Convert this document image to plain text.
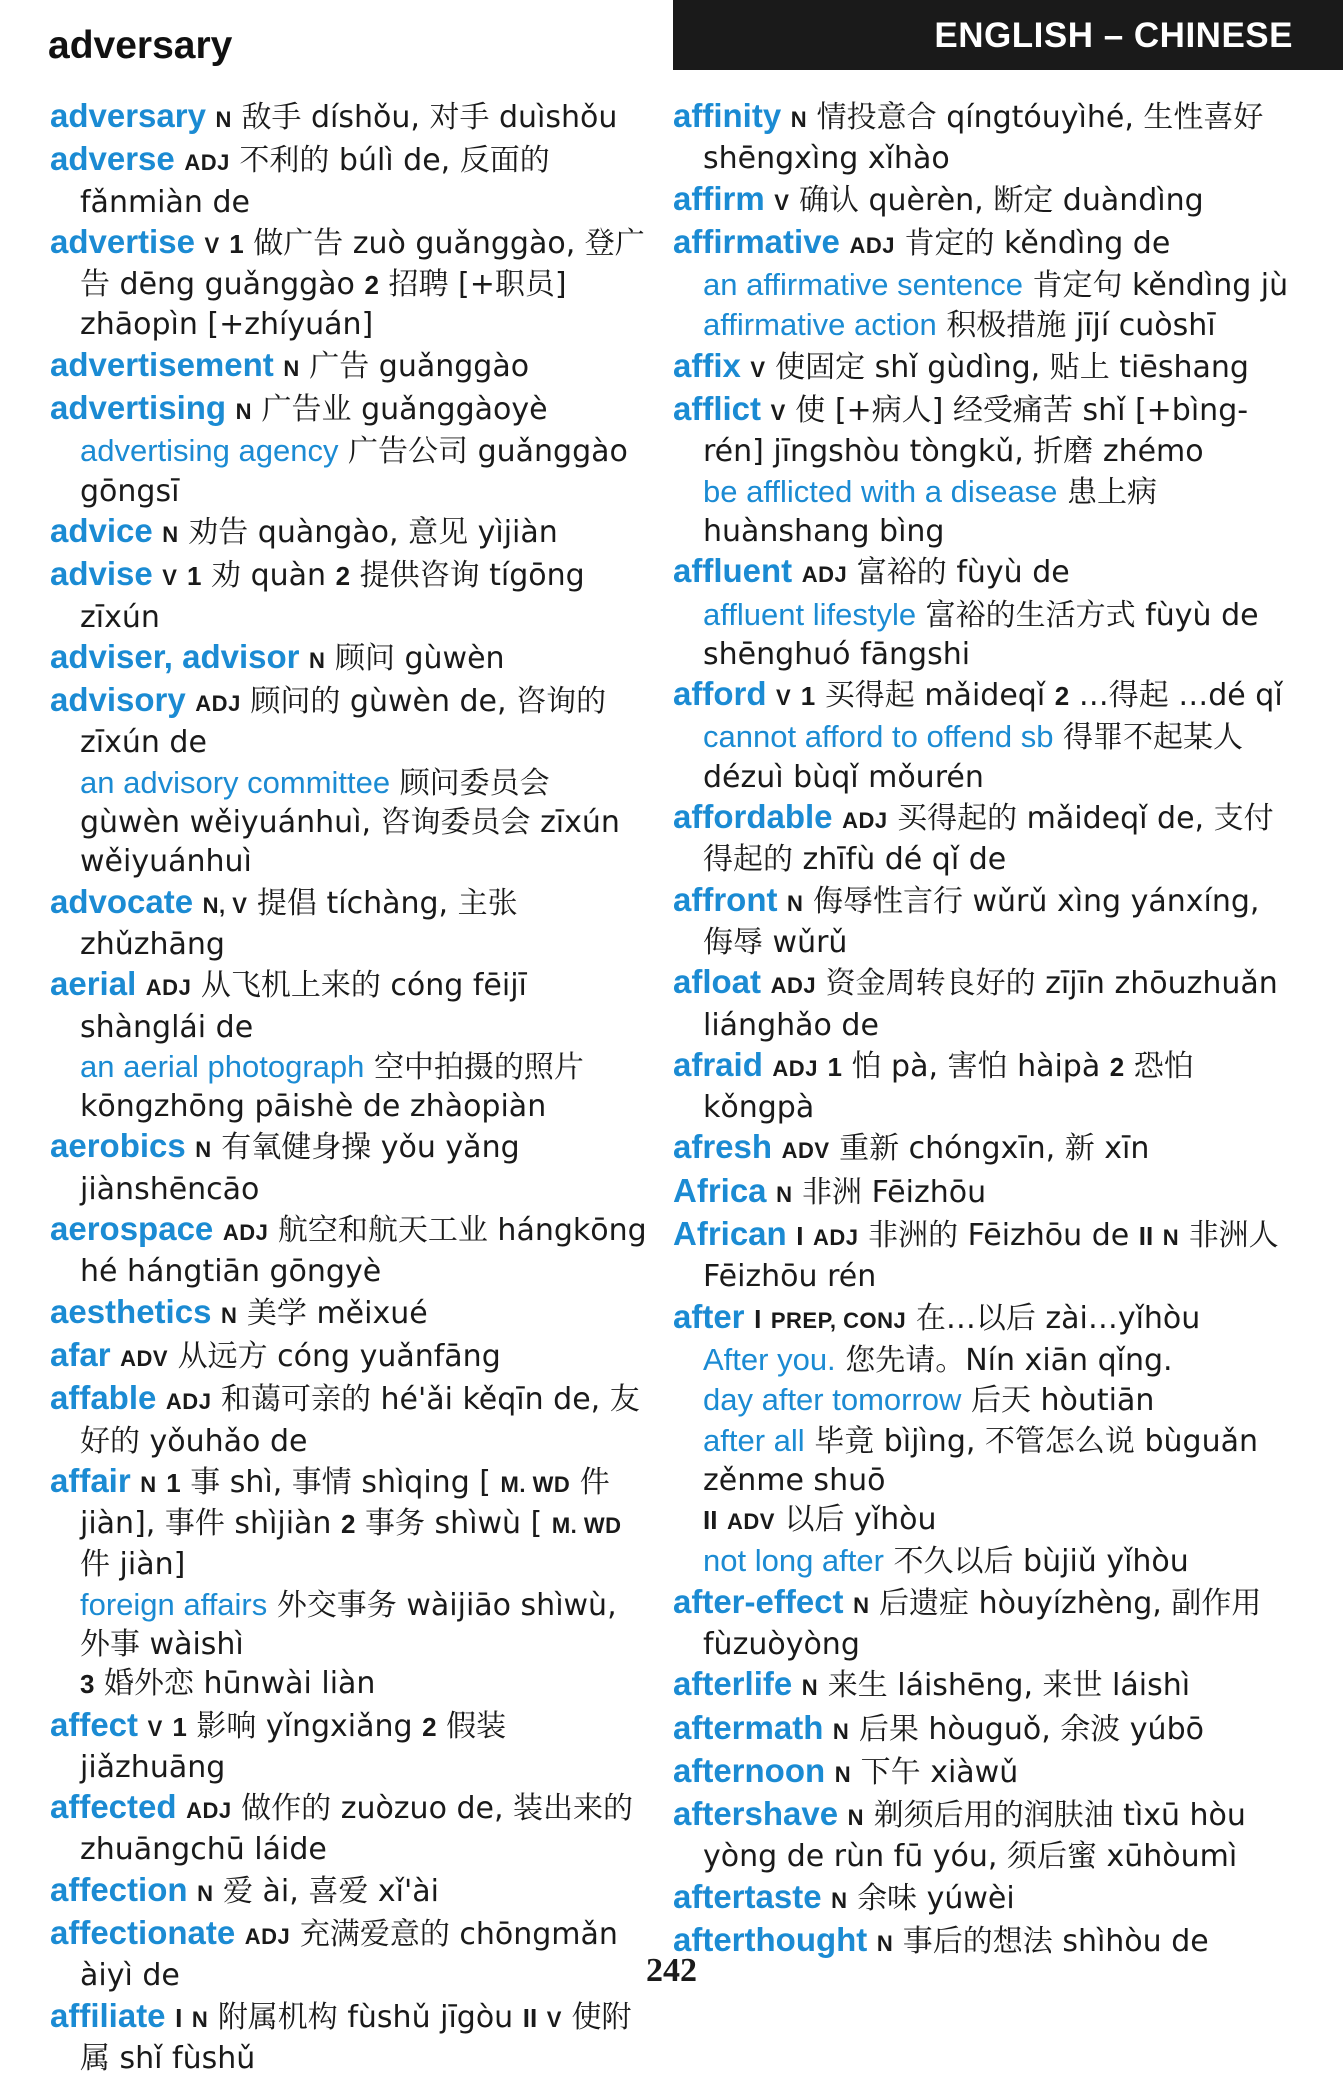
adversary	ENGLISH – CHINESE
adversary N 敌手 díshǒu, 对手 duìshǒu
adverse ADJ 不利的 búlì de, 反面的 fǎnmiàn de
advertise V 1 做广告 zuò guǎnggào, 登广告 dēng guǎnggào 2 招聘 [+职员] zhāopìn [+zhíyuán]
advertisement N 广告 guǎnggào
advertising N 广告业 guǎnggàoyè
advertising agency 广告公司 guǎnggào gōngsī
advice N 劝告 quàngào, 意见 yìjiàn
advise V 1 劝 quàn 2 提供咨询 tígōng zīxún
adviser, advisor N 顾问 gùwèn
advisory ADJ 顾问的 gùwèn de, 咨询的 zīxún de
an advisory committee 顾问委员会 gùwèn wěiyuánhuì, 咨询委员会 zīxún wěiyuánhuì
advocate N, V 提倡 tíchàng, 主张 zhǔzhāng
aerial ADJ 从飞机上来的 cóng fēijī shànglái de
an aerial photograph 空中拍摄的照片 kōngzhōng pāishè de zhàopiàn
aerobics N 有氧健身操 yǒu yǎng jiànshēncāo
aerospace ADJ 航空和航天工业 hángkōng hé hángtiān gōngyè
aesthetics N 美学 měixué
afar ADV 从远方 cóng yuǎnfāng
affable ADJ 和蔼可亲的 hé'ǎi kěqīn de, 友好的 yǒuhǎo de
affair N 1 事 shì, 事情 shìqing [ M. WD 件 jiàn], 事件 shìjiàn 2 事务 shìwù [ M. WD 件 jiàn]
foreign affairs 外交事务 wàijiāo shìwù, 外事 wàishì
3 婚外恋 hūnwài liàn
affect V 1 影响 yǐngxiǎng 2 假装 jiǎzhuāng
affected ADJ 做作的 zuòzuo de, 装出来的 zhuāngchū láide
affection N 爱 ài, 喜爱 xǐ'ài
affectionate ADJ 充满爱意的 chōngmǎn àiyì de
affiliate I N 附属机构 fùshǔ jīgòu II V 使附属 shǐ fùshǔ
affinity N 情投意合 qíngtóuyìhé, 生性喜好 shēngxìng xǐhào
affirm V 确认 quèrèn, 断定 duàndìng
affirmative ADJ 肯定的 kěndìng de
an affirmative sentence 肯定句 kěndìng jù
affirmative action 积极措施 jījí cuòshī
affix V 使固定 shǐ gùdìng, 贴上 tiēshang
afflict V 使 [+病人] 经受痛苦 shǐ [+bìng-rén] jīngshòu tòngkǔ, 折磨 zhémo
be afflicted with a disease 患上病 huànshang bìng
affluent ADJ 富裕的 fùyù de
affluent lifestyle 富裕的生活方式 fùyù de shēnghuó fāngshi
afford V 1 买得起 mǎideqǐ 2 …得起 …dé qǐ
cannot afford to offend sb 得罪不起某人 dézuì bùqǐ mǒurén
affordable ADJ 买得起的 mǎideqǐ de, 支付得起的 zhīfù dé qǐ de
affront N 侮辱性言行 wǔrǔ xìng yánxíng, 侮辱 wǔrǔ
afloat ADJ 资金周转良好的 zījīn zhōuzhuǎn liánghǎo de
afraid ADJ 1 怕 pà, 害怕 hàipà 2 恐怕 kǒngpà
afresh ADV 重新 chóngxīn, 新 xīn
Africa N 非洲 Fēizhōu
African I ADJ 非洲的 Fēizhōu de II N 非洲人 Fēizhōu rén
after I PREP, CONJ 在…以后 zài…yǐhòu
After you. 您先请。Nín xiān qǐng.
day after tomorrow 后天 hòutiān
after all 毕竟 bìjìng, 不管怎么说 bùguǎn zěnme shuō
II ADV 以后 yǐhòu
not long after 不久以后 bùjiǔ yǐhòu
after-effect N 后遗症 hòuyízhèng, 副作用 fùzuòyòng
afterlife N 来生 láishēng, 来世 láishì
aftermath N 后果 hòuguǒ, 余波 yúbō
afternoon N 下午 xiàwǔ
aftershave N 剃须后用的润肤油 tìxū hòu yòng de rùn fū yóu, 须后蜜 xūhòumì
aftertaste N 余味 yúwèi
afterthought N 事后的想法 shìhòu de
242
